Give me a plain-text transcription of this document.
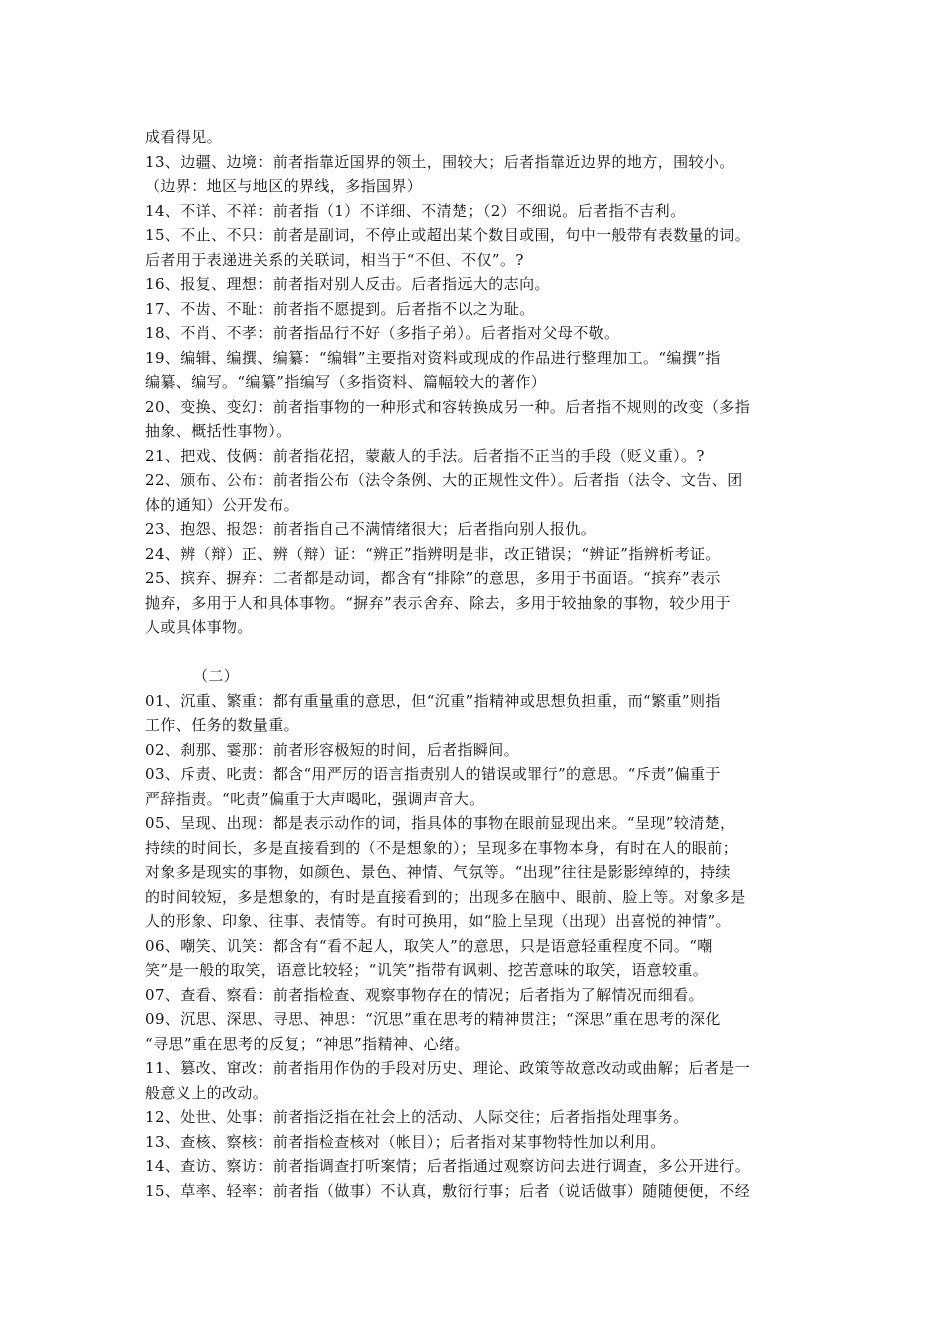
成看得见。
13、边疆、边境：前者指靠近国界的领土，围较大；后者指靠近边界的地方，围较小。
（边界：地区与地区的界线，多指国界）
14、不详、不祥：前者指（1）不详细、不清楚；（2）不细说。后者指不吉利。
15、不止、不只：前者是副词，不停止或超出某个数目或围，句中一般带有表数量的词。
后者用于表递进关系的关联词，相当于“不但、不仅”。?
16、报复、理想：前者指对别人反击。后者指远大的志向。
17、不齿、不耻：前者指不愿提到。后者指不以之为耻。
18、不肖、不孝：前者指品行不好（多指子弟）。后者指对父母不敬。
19、编辑、编撰、编纂：“编辑”主要指对资料或现成的作品进行整理加工。“编撰”指
编纂、编写。“编纂”指编写（多指资料、篇幅较大的著作）
20、变换、变幻：前者指事物的一种形式和容转换成另一种。后者指不规则的改变（多指
抽象、概括性事物）。
21、把戏、伎俩：前者指花招，蒙蔽人的手法。后者指不正当的手段（贬义重）。?
22、颁布、公布：前者指公布（法令条例、大的正规性文件）。后者指（法令、文告、团
体的通知）公开发布。
23、抱怨、报怨：前者指自己不满情绪很大；后者指向别人报仇。
24、辨（辩）正、辨（辩）证：“辨正”指辨明是非，改正错误；“辨证”指辨析考证。
25、摈弃、摒弃：二者都是动词，都含有“排除”的意思，多用于书面语。“摈弃”表示
抛弃，多用于人和具体事物。“摒弃”表示舍弃、除去，多用于较抽象的事物，较少用于
人或具体事物。
（二）
01、沉重、繁重：都有重量重的意思，但“沉重”指精神或思想负担重，而“繁重”则指
工作、任务的数量重。
02、刹那、霎那：前者形容极短的时间，后者指瞬间。
03、斥责、叱责：都含“用严厉的语言指责别人的错误或罪行”的意思。“斥责”偏重于
严辞指责。“叱责”偏重于大声喝叱，强调声音大。
05、呈现、出现：都是表示动作的词，指具体的事物在眼前显现出来。“呈现”较清楚，
持续的时间长，多是直接看到的（不是想象的）；呈现多在事物本身，有时在人的眼前；
对象多是现实的事物，如颜色、景色、神情、气氛等。“出现”往往是影影绰绰的，持续
的时间较短，多是想象的，有时是直接看到的；出现多在脑中、眼前、脸上等。对象多是
人的形象、印象、往事、表情等。有时可换用，如“脸上呈现（出现）出喜悦的神情”。
06、嘲笑、讥笑：都含有“看不起人，取笑人”的意思，只是语意轻重程度不同。“嘲
笑”是一般的取笑，语意比较轻；“讥笑”指带有讽刺、挖苦意味的取笑，语意较重。
07、查看、察看：前者指检查、观察事物存在的情况；后者指为了解情况而细看。
09、沉思、深思、寻思、神思：“沉思”重在思考的精神贯注；“深思”重在思考的深化
“寻思”重在思考的反复；“神思”指精神、心绪。
11、篡改、窜改：前者指用作伪的手段对历史、理论、政策等故意改动或曲解；后者是一
般意义上的改动。
12、处世、处事：前者指泛指在社会上的活动、人际交往；后者指指处理事务。
13、查核、察核：前者指检查核对（帐目）；后者指对某事物特性加以利用。
14、查访、察访：前者指调查打听案情；后者指通过观察访问去进行调查，多公开进行。
15、草率、轻率：前者指（做事）不认真，敷衍行事；后者（说话做事）随随便便，不经
